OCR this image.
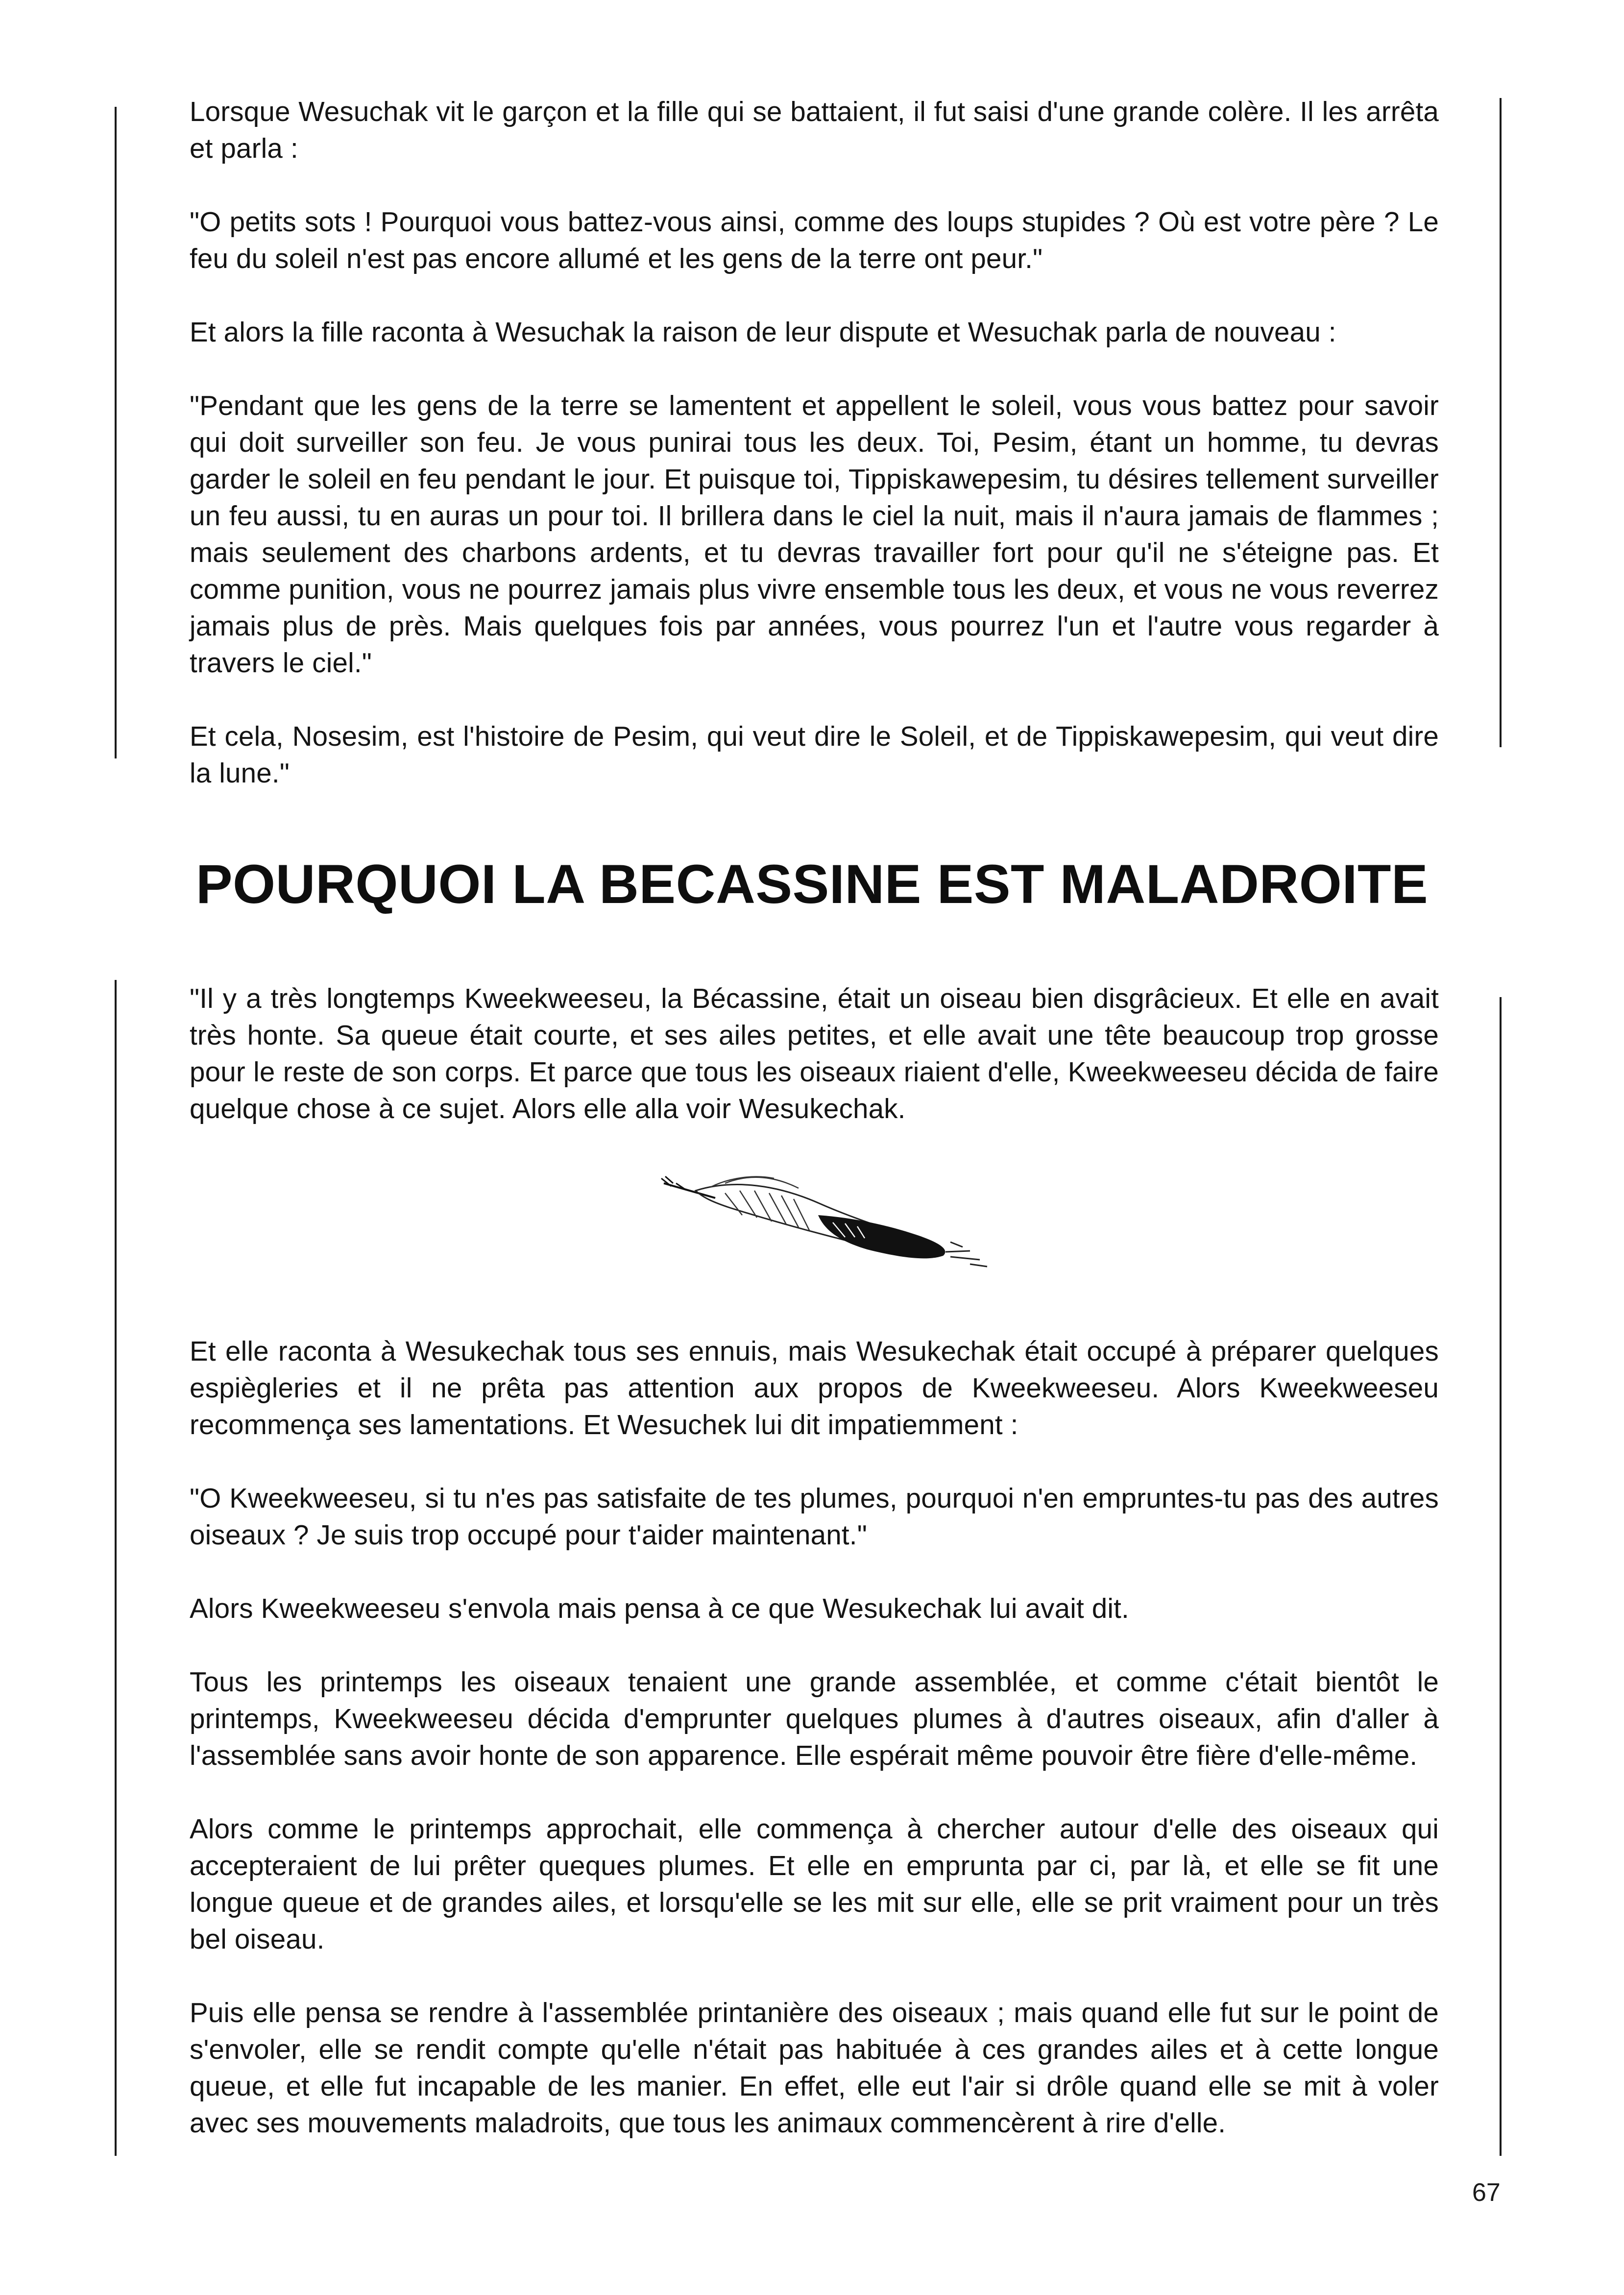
Lorsque Wesuchak vit le garçon et la fille qui se battaient, il fut saisi d'une grande colère. Il les arrêta et parla :

"O petits sots ! Pourquoi vous battez-vous ainsi, comme des loups stupides ? Où est votre père ? Le feu du soleil n'est pas encore allumé et les gens de la terre ont peur."

Et alors la fille raconta à Wesuchak la raison de leur dispute et Wesuchak parla de nouveau :

"Pendant que les gens de la terre se lamentent et appellent le soleil, vous vous battez pour savoir qui doit surveiller son feu. Je vous punirai tous les deux. Toi, Pesim, étant un homme, tu devras garder le soleil en feu pendant le jour. Et puisque toi, Tippiskawepesim, tu désires tellement surveiller un feu aussi, tu en auras un pour toi. Il brillera dans le ciel la nuit, mais il n'aura jamais de flammes ; mais seulement des charbons ardents, et tu devras travailler fort pour qu'il ne s'éteigne pas. Et comme punition, vous ne pourrez jamais plus vivre ensemble tous les deux, et vous ne vous reverrez jamais plus de près. Mais quelques fois par années, vous pourrez l'un et l'autre vous regarder à travers le ciel."

Et cela, Nosesim, est l'histoire de Pesim, qui veut dire le Soleil, et de Tippiskawepesim, qui veut dire la lune."

POURQUOI LA BECASSINE EST MALADROITE

"Il y a très longtemps Kweekweeseu, la Bécassine, était un oiseau bien disgrâcieux. Et elle en avait très honte. Sa queue était courte, et ses ailes petites, et elle avait une tête beaucoup trop grosse pour le reste de son corps. Et parce que tous les oiseaux riaient d'elle, Kweekweeseu décida de faire quelque chose à ce sujet. Alors elle alla voir Wesukechak.

Et elle raconta à Wesukechak tous ses ennuis, mais Wesukechak était occupé à préparer quelques espiègleries et il ne prêta pas attention aux propos de Kweekweeseu. Alors Kweekweeseu recommença ses lamentations. Et Wesuchek lui dit impatiemment :

"O Kweekweeseu, si tu n'es pas satisfaite de tes plumes, pourquoi n'en empruntes-tu pas des autres oiseaux ? Je suis trop occupé pour t'aider maintenant."

Alors Kweekweeseu s'envola mais pensa à ce que Wesukechak lui avait dit.

Tous les printemps les oiseaux tenaient une grande assemblée, et comme c'était bientôt le printemps, Kweekweeseu décida d'emprunter quelques plumes à d'autres oiseaux, afin d'aller à l'assemblée sans avoir honte de son apparence. Elle espérait même pouvoir être fière d'elle-même.

Alors comme le printemps approchait, elle commença à chercher autour d'elle des oiseaux qui accepteraient de lui prêter queques plumes. Et elle en emprunta par ci, par là, et elle se fit une longue queue et de grandes ailes, et lorsqu'elle se les mit sur elle, elle se prit vraiment pour un très bel oiseau.

Puis elle pensa se rendre à l'assemblée printanière des oiseaux ; mais quand elle fut sur le point de s'envoler, elle se rendit compte qu'elle n'était pas habituée à ces grandes ailes et à cette longue queue, et elle fut incapable de les manier. En effet, elle eut l'air si drôle quand elle se mit à voler avec ses mouvements maladroits, que tous les animaux commencèrent à rire d'elle.

67
